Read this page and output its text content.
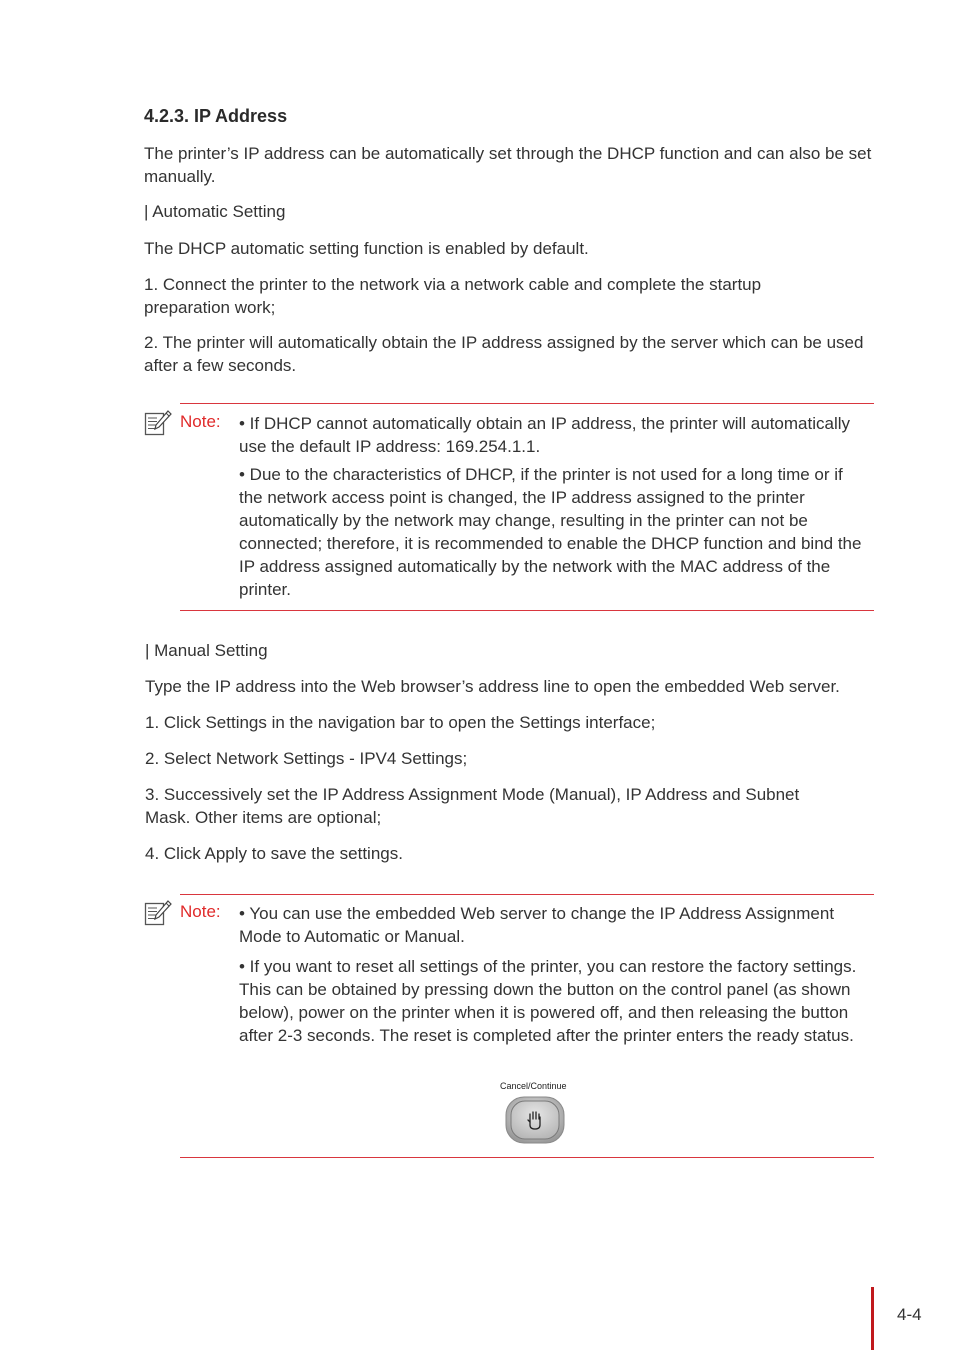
4.2.3. IP Address
The printer’s IP address can be automatically set through the DHCP function and can also be set manually.
| Automatic Setting
The DHCP automatic setting function is enabled by default.
1. Connect the printer to the network via a network cable and complete the startup preparation work;
2. The printer will automatically obtain the IP address assigned by the server which can be used after a few seconds.
Note: • If DHCP cannot automatically obtain an IP address, the printer will automatically use the default IP address: 169.254.1.1.
• Due to the characteristics of DHCP, if the printer is not used for a long time or if the network access point is changed, the IP address assigned to the printer automatically by the network may change, resulting in the printer can not be connected; therefore, it is recommended to enable the DHCP function and bind the IP address assigned automatically by the network with the MAC address of the printer.
| Manual Setting
Type the IP address into the Web browser’s address line to open the embedded Web server.
1. Click Settings in the navigation bar to open the Settings interface;
2. Select Network Settings - IPV4 Settings;
3. Successively set the IP Address Assignment Mode (Manual), IP Address and Subnet Mask. Other items are optional;
4. Click Apply to save the settings.
Note: • You can use the embedded Web server to change the IP Address Assignment Mode to Automatic or Manual.
• If you want to reset all settings of the printer, you can restore the factory settings. This can be obtained by pressing down the button on the control panel (as shown below), power on the printer when it is powered off, and then releasing the button after 2-3 seconds. The reset is completed after the printer enters the ready status.
Cancel/Continue
4-4
